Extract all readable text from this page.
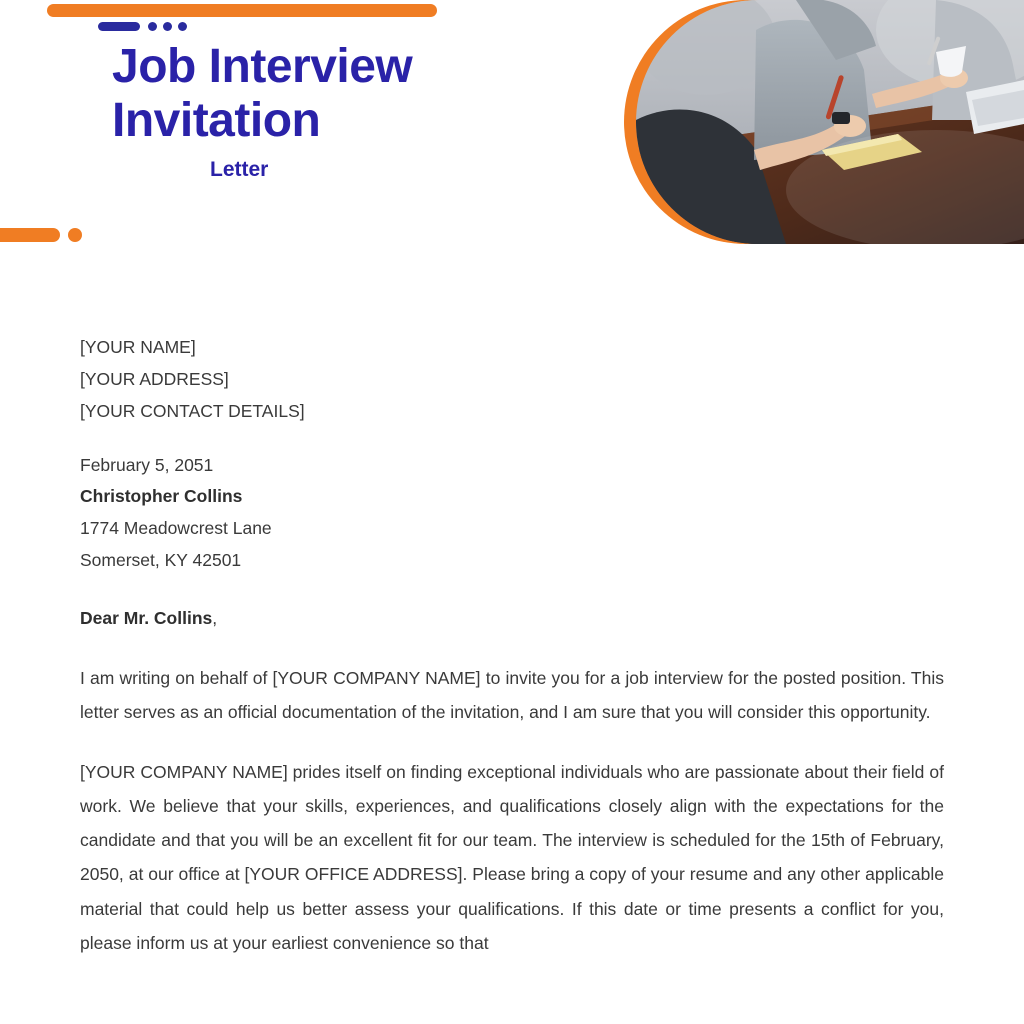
Job Interview
Invitation
Letter
[YOUR NAME]
[YOUR ADDRESS]
[YOUR CONTACT DETAILS]
February 5, 2051
Christopher Collins
1774 Meadowcrest Lane
Somerset, KY 42501

Dear Mr. Collins,

I am writing on behalf of [YOUR COMPANY NAME] to invite you for a job interview for the posted position. This letter serves as an official documentation of the invitation, and I am sure that you will consider this opportunity.

[YOUR COMPANY NAME] prides itself on finding exceptional individuals who are passionate about their field of work. We believe that your skills, experiences, and qualifications closely align with the expectations for the candidate and that you will be an excellent fit for our team. The interview is scheduled for the 15th of February, 2050, at our office at [YOUR OFFICE ADDRESS]. Please bring a copy of your resume and any other applicable material that could help us better assess your qualifications. If this date or time presents a conflict for you, please inform us at your earliest convenience so that
